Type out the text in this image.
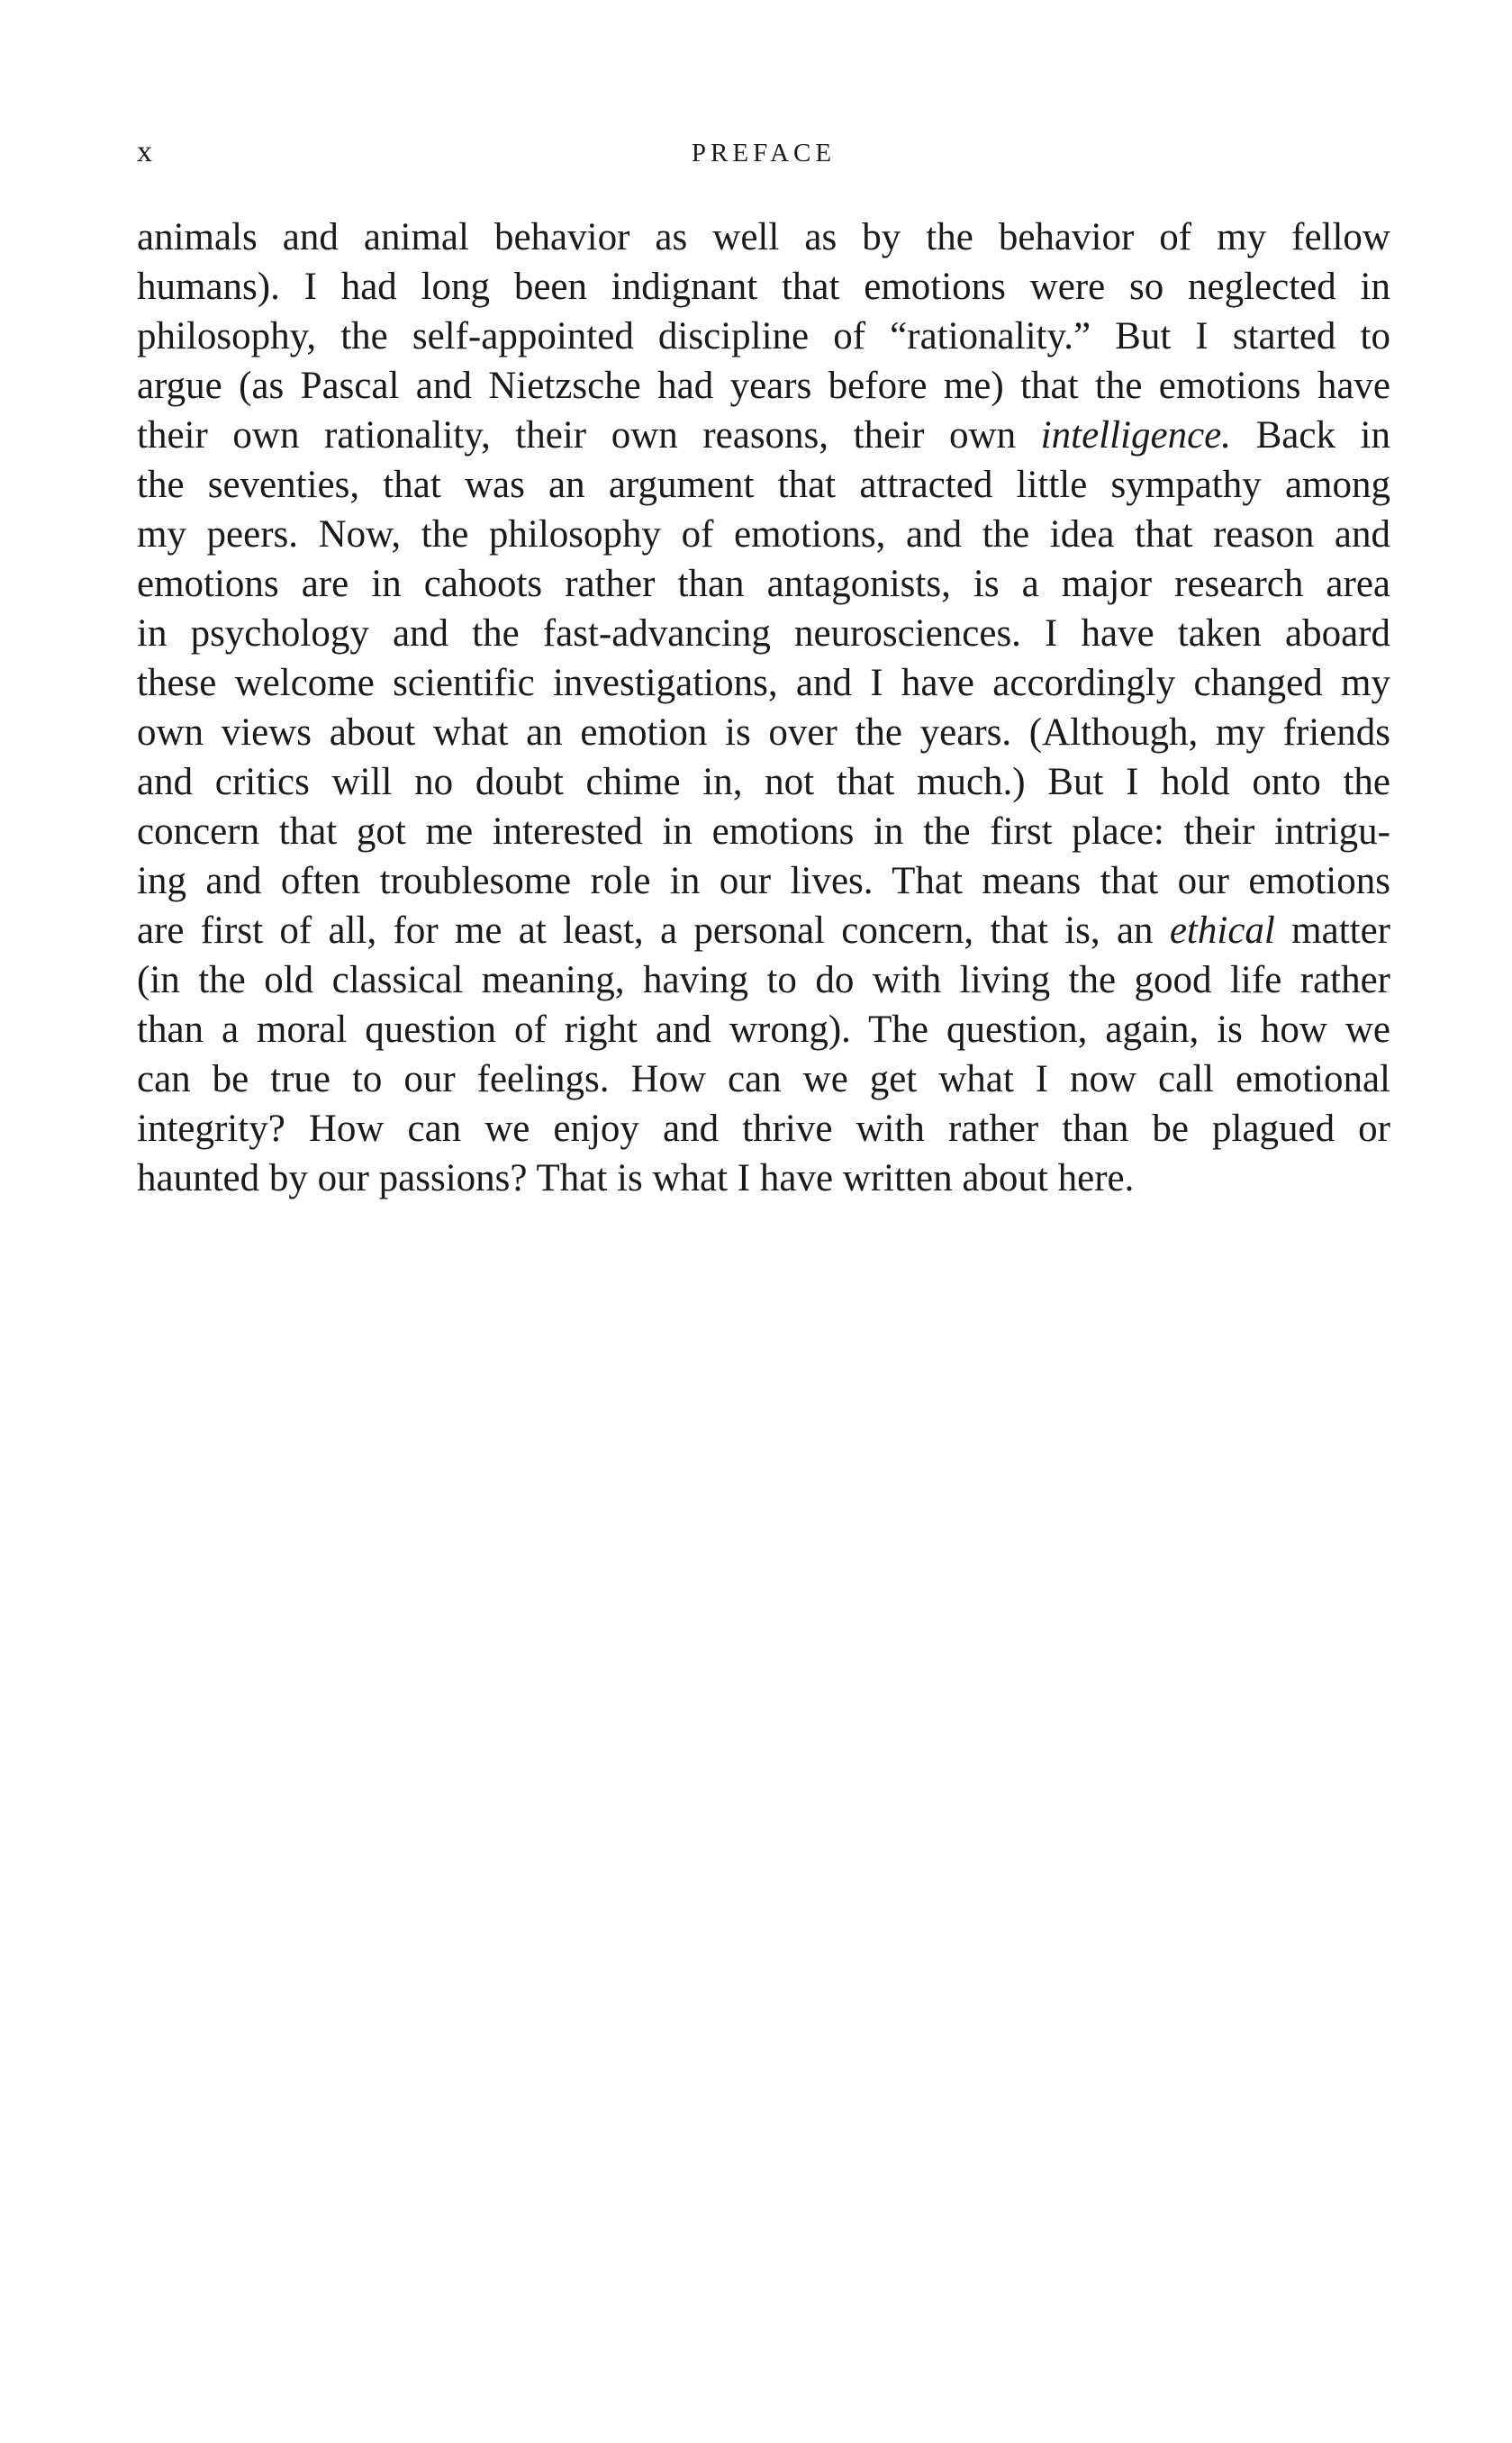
x	PREFACE

animals and animal behavior as well as by the behavior of my fellow
humans). I had long been indignant that emotions were so neglected in
philosophy, the self-appointed discipline of “rationality.” But I started to
argue (as Pascal and Nietzsche had years before me) that the emotions have
their own rationality, their own reasons, their own intelligence. Back in
the seventies, that was an argument that attracted little sympathy among
my peers. Now, the philosophy of emotions, and the idea that reason and
emotions are in cahoots rather than antagonists, is a major research area
in psychology and the fast-advancing neurosciences. I have taken aboard
these welcome scientific investigations, and I have accordingly changed my
own views about what an emotion is over the years. (Although, my friends
and critics will no doubt chime in, not that much.) But I hold onto the
concern that got me interested in emotions in the first place: their intrigu-
ing and often troublesome role in our lives. That means that our emotions
are first of all, for me at least, a personal concern, that is, an ethical matter
(in the old classical meaning, having to do with living the good life rather
than a moral question of right and wrong). The question, again, is how we
can be true to our feelings. How can we get what I now call emotional
integrity? How can we enjoy and thrive with rather than be plagued or
haunted by our passions? That is what I have written about here.
